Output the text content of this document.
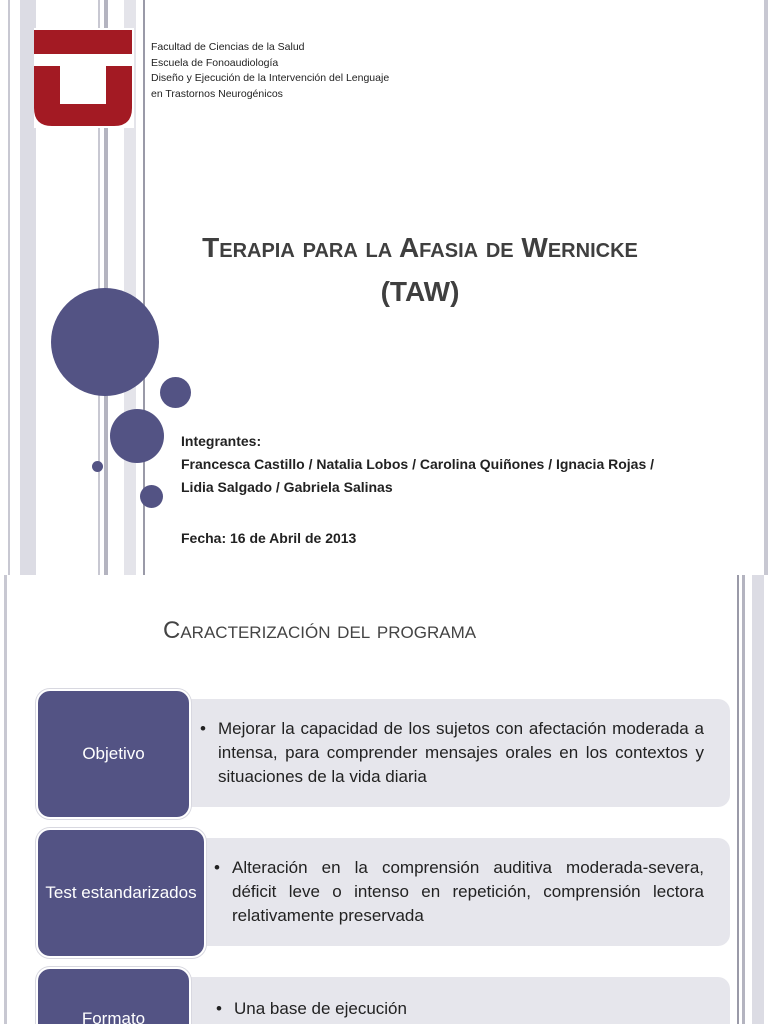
Facultad de Ciencias de la Salud
Escuela de Fonoaudiología
Diseño y Ejecución de la Intervención del Lenguaje
en Trastornos Neurogénicos
Terapia para la Afasia de Wernicke
(TAW)
Integrantes:
Francesca Castillo / Natalia Lobos / Carolina Quiñones / Ignacia Rojas /
Lidia Salgado / Gabriela Salinas
Fecha: 16 de Abril de 2013
Caracterización del programa
• Mejorar la capacidad de los sujetos con afectación moderada a intensa, para comprender mensajes orales en los contextos y situaciones de la vida diaria
Objetivo
• Alteración en la comprensión auditiva moderada-severa, déficit leve o intenso en repetición, comprensión lectora relativamente preservada
Test estandarizados
• Una base de ejecución
Formato
